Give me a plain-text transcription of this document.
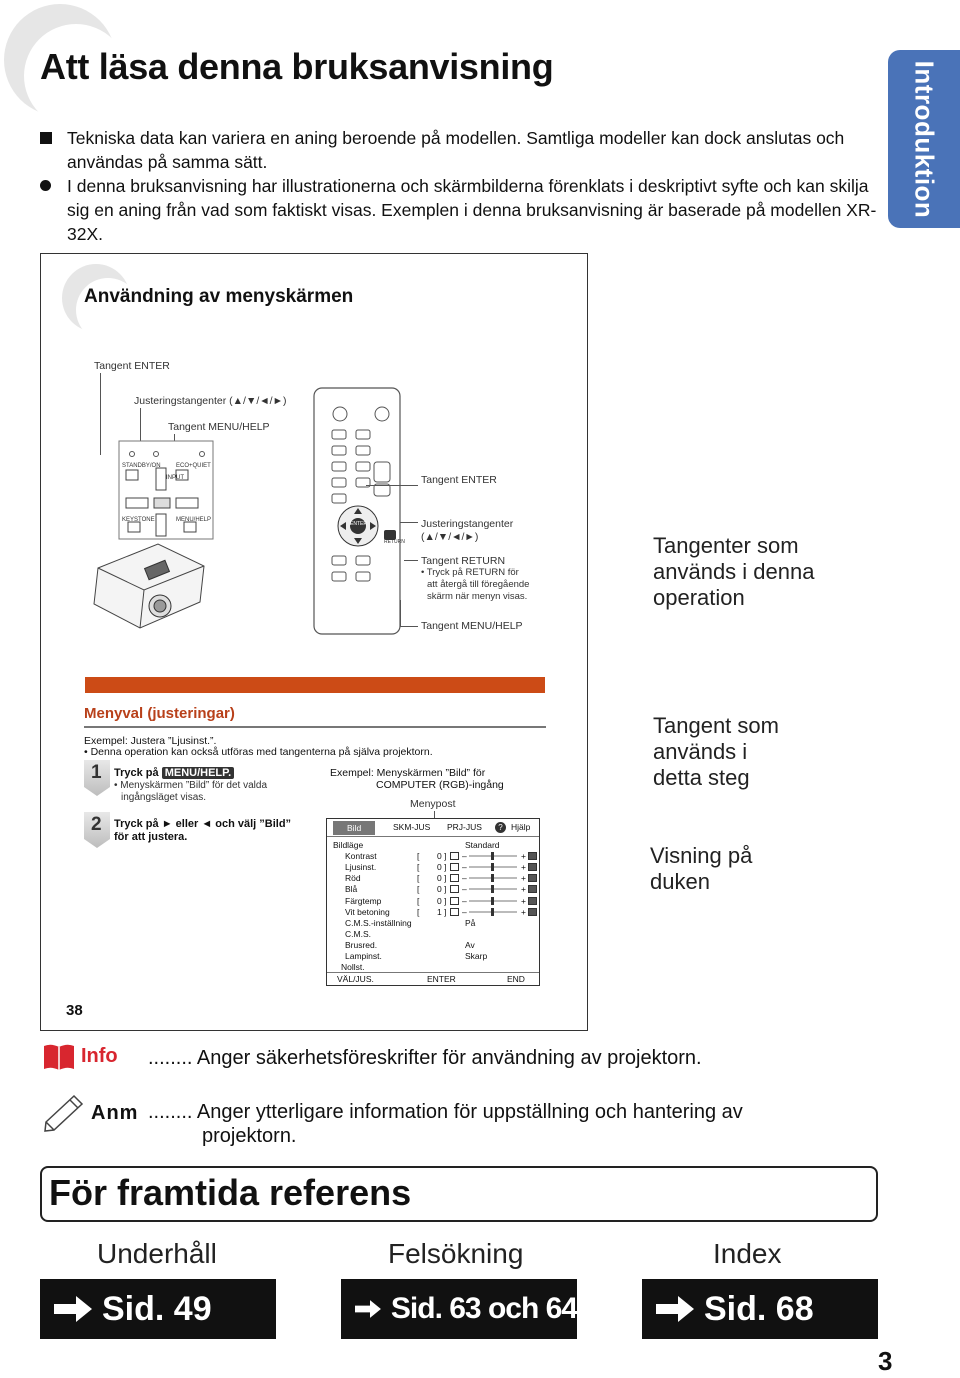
Att läsa denna bruksanvisning	Introduktion
Tekniska data kan variera en aning beroende på modellen. Samtliga modeller kan dock anslutas och användas på samma sätt.
I denna bruksanvisning har illustrationerna och skärmbilderna förenklats i deskriptivt syfte och kan skilja sig en aning från vad som faktiskt visas. Exemplen i denna bruksanvisning är baserade på modellen XR-32X.
Användning av menyskärmen
Tangent ENTER
Justeringstangenter (▲/▼/◄/►)
Tangent MENU/HELP
STANDBY/ON	ECO+QUIET
INPUT
KEYSTONE	MENU/HELP
ENTER
RETURN
Tangent ENTER
Justeringstangenter
(▲/▼/◄/►)
Tangent RETURN
• Tryck på RETURN för
att återgå till föregående
skärm när menyn visas.
Tangent MENU/HELP
Menyval (justeringar)
Exempel: Justera ”Ljusinst.”.
• Denna operation kan också utföras med tangenterna på själva projektorn.
1 Tryck på MENU/HELP.
• Menyskärmen ”Bild” för det valda
ingångsläget visas.
2 Tryck på ► eller ◄ och välj ”Bild”
för att justera.
Exempel: Menyskärmen ”Bild” för
COMPUTER (RGB)-ingång
Menypost
Bild	SKM-JUS PRJ-JUS	? Hjälp
Bildläge	Standard
Kontrast	[ 0 ] –	+
Ljusinst.	[ 0 ] –	+
Röd	[ 0 ] –	+
Blå	[ 0 ] –	+
Färgtemp	[ 0 ] –	+
Vit betoning	[ 1 ] –	+
C.M.S.-inställning	På
C.M.S.
Brusred.	Av
Lampinst.	Skarp
Nollst.
VÄL/JUS.	ENTER	END
38
Tangenter som
används i denna
operation
Tangent som
används i
detta steg
Visning på
duken
Info ........ Anger säkerhetsföreskrifter för användning av projektorn.
Anm ........ Anger ytterligare information för uppställning och hantering av
projektorn.
För framtida referens
Underhåll	Felsökning	Index
Sid. 49	Sid. 63 och 64	Sid. 68
3
